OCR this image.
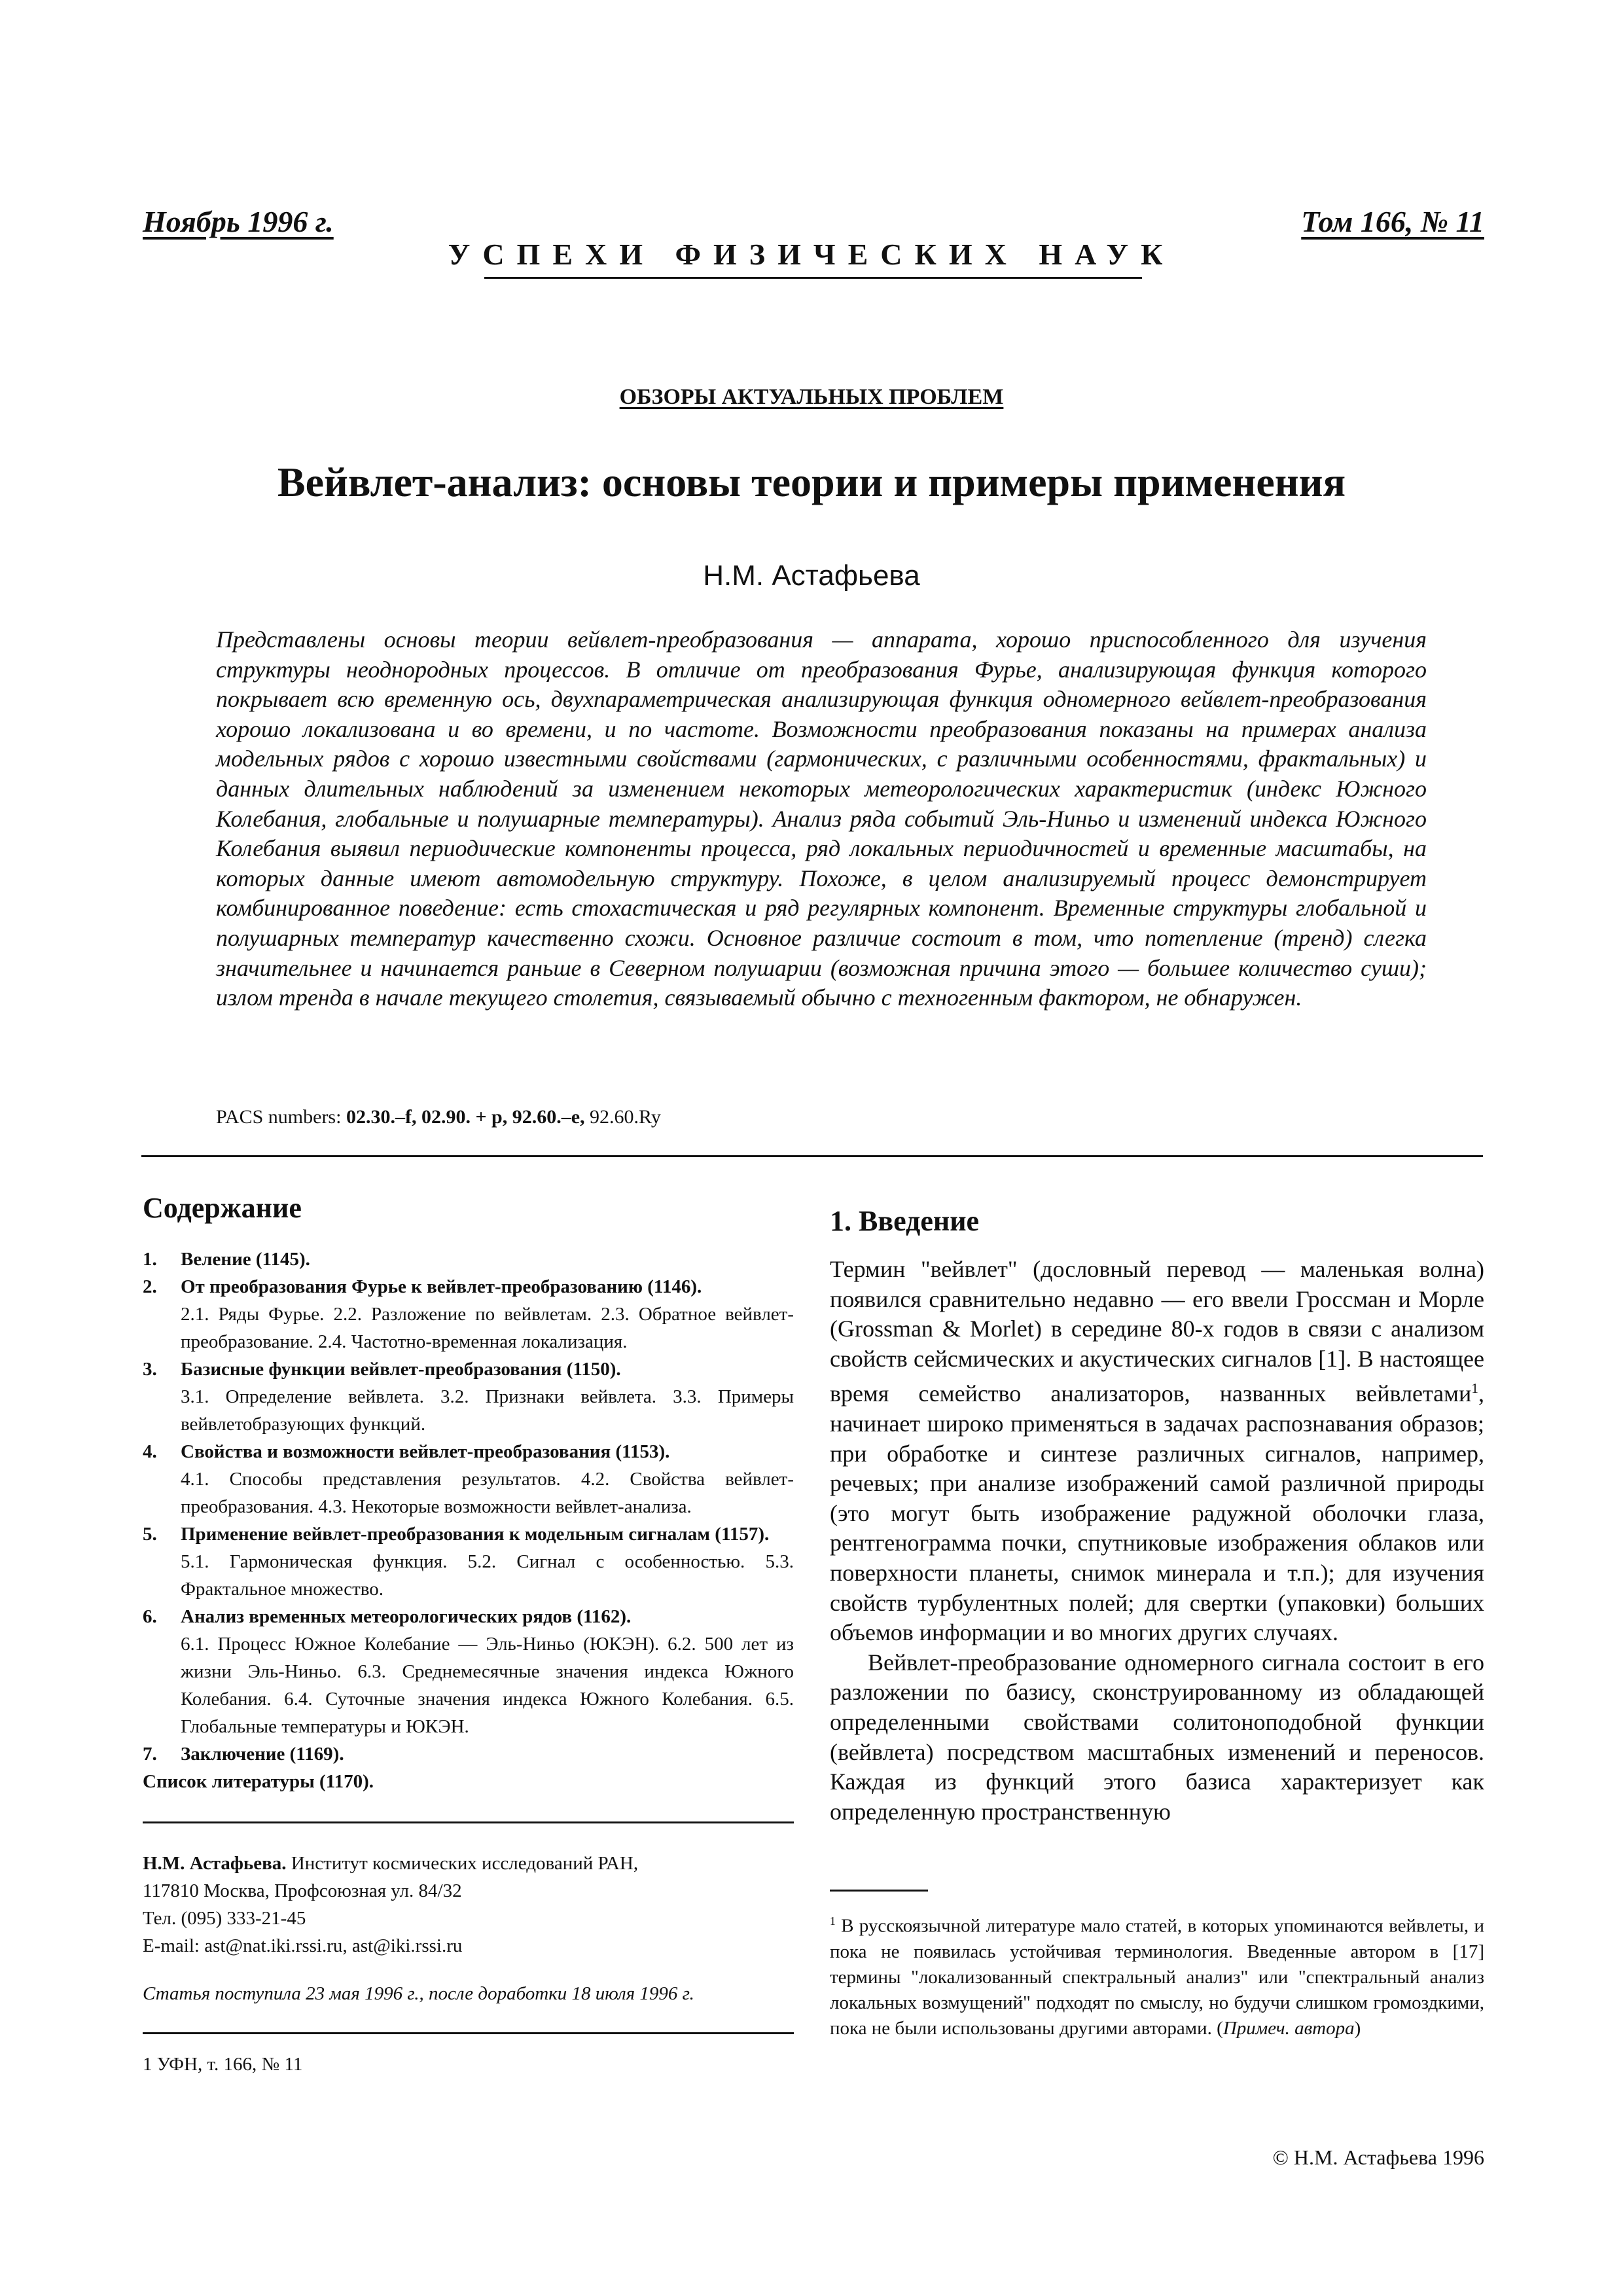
Ноябрь 1996 г.	Том 166, № 11
УСПЕХИ ФИЗИЧЕСКИХ НАУК
ОБЗОРЫ АКТУАЛЬНЫХ ПРОБЛЕМ
Вейвлет-анализ: основы теории и примеры применения
Н.М. Астафьева
Представлены основы теории вейвлет-преобразования — аппарата, хорошо приспособленного для изучения структуры неоднородных процессов. В отличие от преобразования Фурье, анализирующая функция которого покрывает всю временную ось, двухпараметрическая анализирующая функция одномерного вейвлет-преобразования хорошо локализована и во времени, и по частоте. Возможности преобразования показаны на примерах анализа модельных рядов с хорошо известными свойствами (гармонических, с различными особенностями, фрактальных) и данных длительных наблюдений за изменением некоторых метеорологических характеристик (индекс Южного Колебания, глобальные и полушарные температуры). Анализ ряда событий Эль-Ниньо и изменений индекса Южного Колебания выявил периодические компоненты процесса, ряд локальных периодичностей и временные масштабы, на которых данные имеют автомодельную структуру. Похоже, в целом анализируемый процесс демонстрирует комбинированное поведение: есть стохастическая и ряд регулярных компонент. Временные структуры глобальной и полушарных температур качественно схожи. Основное различие состоит в том, что потепление (тренд) слегка значительнее и начинается раньше в Северном полушарии (возможная причина этого — большее количество суши); излом тренда в начале текущего столетия, связываемый обычно с техногенным фактором, не обнаружен.
PACS numbers: 02.30.–f, 02.90. + p, 92.60.–e, 92.60.Ry
Содержание
1.	Веление (1145).
2.	От преобразования Фурье к вейвлет-преобразованию (1146).
2.1. Ряды Фурье. 2.2. Разложение по вейвлетам. 2.3. Обратное вейвлет-преобразование. 2.4. Частотно-временная локализация.
3.	Базисные функции вейвлет-преобразования (1150).
3.1. Определение вейвлета. 3.2. Признаки вейвлета. 3.3. Примеры вейвлетобразующих функций.
4.	Свойства и возможности вейвлет-преобразования (1153).
4.1. Способы представления результатов. 4.2. Свойства вейвлет-преобразования. 4.3. Некоторые возможности вейвлет-анализа.
5.	Применение вейвлет-преобразования к модельным сигналам (1157).
5.1. Гармоническая функция. 5.2. Сигнал с особенностью. 5.3. Фрактальное множество.
6.	Анализ временных метеорологических рядов (1162).
6.1. Процесс Южное Колебание — Эль-Ниньо (ЮКЭН). 6.2. 500 лет из жизни Эль-Ниньо. 6.3. Среднемесячные значения индекса Южного Колебания. 6.4. Суточные значения индекса Южного Колебания. 6.5. Глобальные температуры и ЮКЭН.
7.	Заключение (1169).
Список литературы (1170).
Н.М. Астафьева. Институт космических исследований РАН,
117810 Москва, Профсоюзная ул. 84/32
Тел. (095) 333-21-45
E-mail: ast@nat.iki.rssi.ru, ast@iki.rssi.ru
Статья поступила 23 мая 1996 г., после доработки 18 июля 1996 г.
1 УФН, т. 166, № 11
1. Введение

Термин "вейвлет" (дословный перевод — маленькая волна) появился сравнительно недавно — его ввели Гроссман и Морле (Grossman & Morlet) в середине 80-х годов в связи с анализом свойств сейсмических и акустических сигналов [1]. В настоящее время семейство анализаторов, названных вейвлетами$^1$, начинает широко применяться в задачах распознавания образов; при обработке и синтезе различных сигналов, например, речевых; при анализе изображений самой различной природы (это могут быть изображение радужной оболочки глаза, рентгенограмма почки, спутниковые изображения облаков или поверхности планеты, снимок минерала и т.п.); для изучения свойств турбулентных полей; для свертки (упаковки) больших объемов информации и во многих других случаях.

Вейвлет-преобразование одномерного сигнала состоит в его разложении по базису, сконструированному из обладающей определенными свойствами солитоноподобной функции (вейвлета) посредством масштабных изменений и переносов. Каждая из функций этого базиса характеризует как определенную пространственную

$^1$ В русскоязычной литературе мало статей, в которых упоминаются вейвлеты, и пока не появилась устойчивая терминология. Введенные автором в [17] термины "локализованный спектральный анализ" или "спектральный анализ локальных возмущений" подходят по смыслу, но будучи слишком громоздкими, пока не были использованы другими авторами. (Примеч. автора)
© Н.М. Астафьева 1996
